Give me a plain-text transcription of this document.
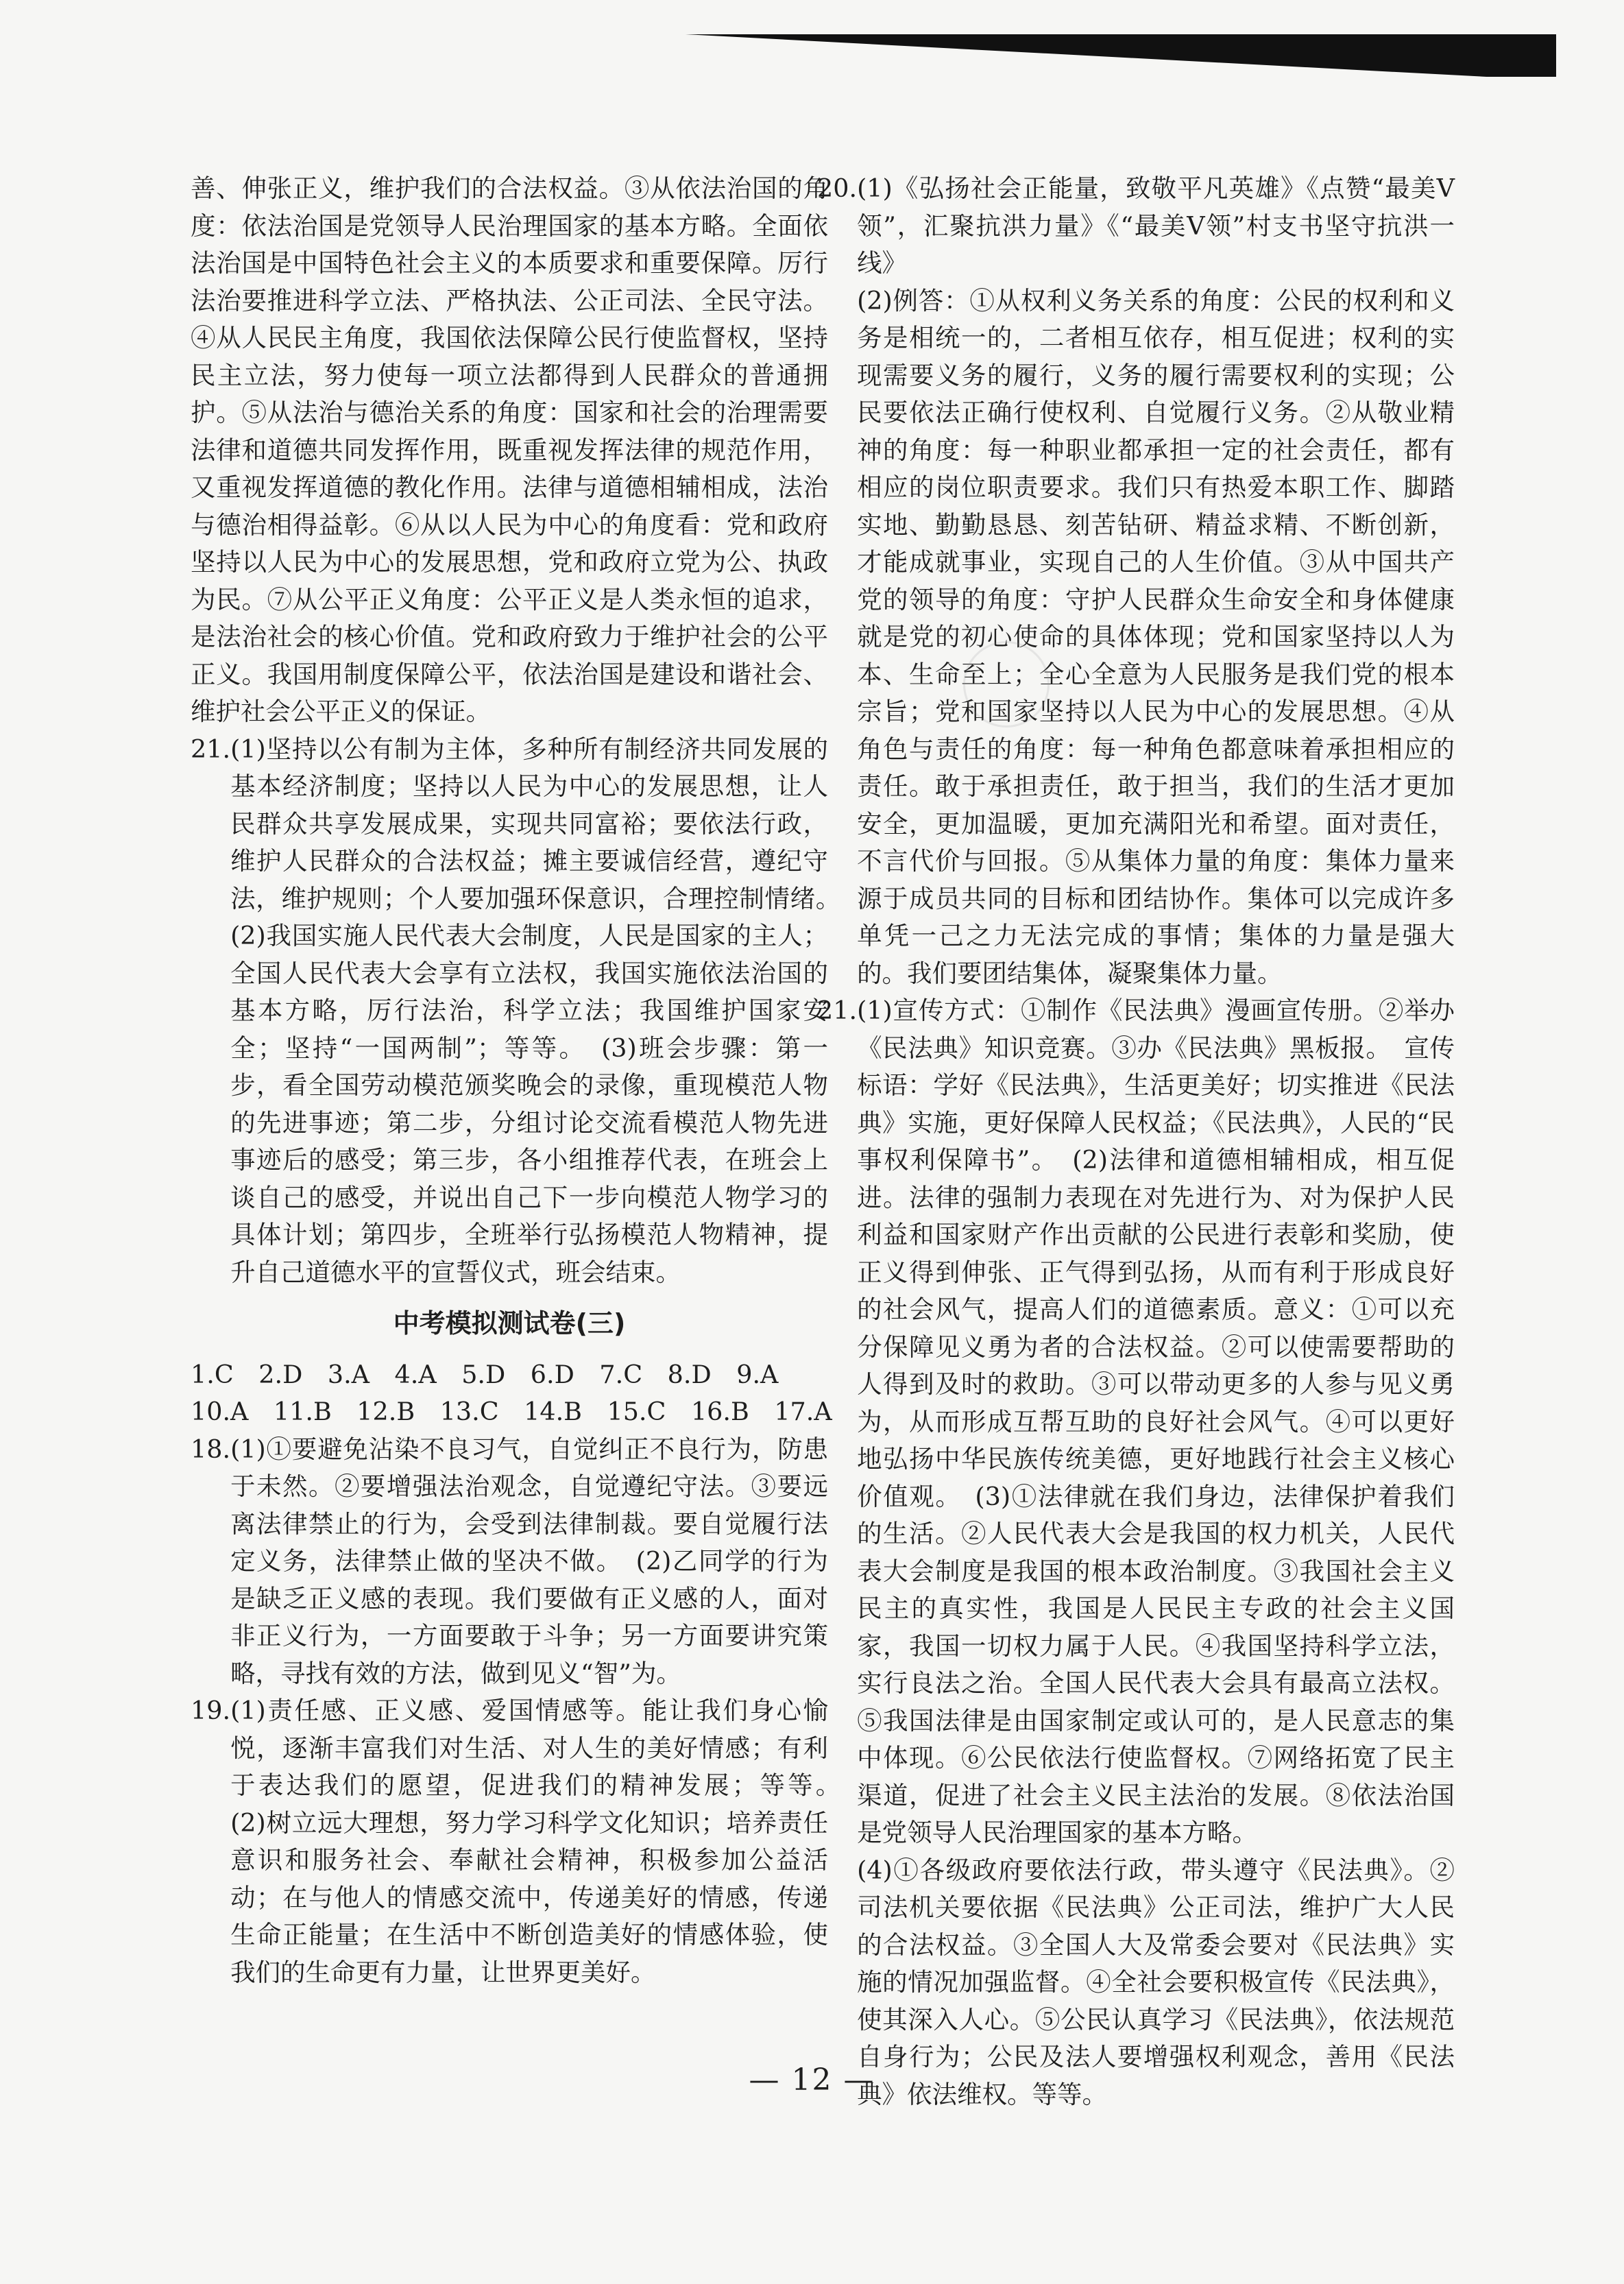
善、伸张正义，维护我们的合法权益。③从依法治国的角度：依法治国是党领导人民治理国家的基本方略。全面依法治国是中国特色社会主义的本质要求和重要保障。厉行法治要推进科学立法、严格执法、公正司法、全民守法。④从人民民主角度，我国依法保障公民行使监督权，坚持民主立法，努力使每一项立法都得到人民群众的普通拥护。⑤从法治与德治关系的角度：国家和社会的治理需要法律和道德共同发挥作用，既重视发挥法律的规范作用，又重视发挥道德的教化作用。法律与道德相辅相成，法治与德治相得益彰。⑥从以人民为中心的角度看：党和政府坚持以人民为中心的发展思想，党和政府立党为公、执政为民。⑦从公平正义角度：公平正义是人类永恒的追求，是法治社会的核心价值。党和政府致力于维护社会的公平正义。我国用制度保障公平，依法治国是建设和谐社会、维护社会公平正义的保证。

21. (1)坚持以公有制为主体，多种所有制经济共同发展的基本经济制度；坚持以人民为中心的发展思想，让人民群众共享发展成果，实现共同富裕；要依法行政，维护人民群众的合法权益；摊主要诚信经营，遵纪守法，维护规则；个人要加强环保意识，合理控制情绪。　(2)我国实施人民代表大会制度，人民是国家的主人；全国人民代表大会享有立法权，我国实施依法治国的基本方略，厉行法治，科学立法；我国维护国家安全；坚持“一国两制”；等等。　(3)班会步骤：第一步，看全国劳动模范颁奖晚会的录像，重现模范人物的先进事迹；第二步，分组讨论交流看模范人物先进事迹后的感受；第三步，各小组推荐代表，在班会上谈自己的感受，并说出自己下一步向模范人物学习的具体计划；第四步，全班举行弘扬模范人物精神，提升自己道德水平的宣誓仪式，班会结束。
中考模拟测试卷(三)
1.C　2.D　3.A　4.A　5.D　6.D　7.C　8.D　9.A
10.A　11.B　12.B　13.C　14.B　15.C　16.B　17.A
18. (1)①要避免沾染不良习气，自觉纠正不良行为，防患于未然。②要增强法治观念，自觉遵纪守法。③要远离法律禁止的行为，会受到法律制裁。要自觉履行法定义务，法律禁止做的坚决不做。　(2)乙同学的行为是缺乏正义感的表现。我们要做有正义感的人，面对非正义行为，一方面要敢于斗争；另一方面要讲究策略，寻找有效的方法，做到见义“智”为。
19. (1)责任感、正义感、爱国情感等。能让我们身心愉悦，逐渐丰富我们对生活、对人生的美好情感；有利于表达我们的愿望，促进我们的精神发展；等等。　(2)树立远大理想，努力学习科学文化知识；培养责任意识和服务社会、奉献社会精神，积极参加公益活动；在与他人的情感交流中，传递美好的情感，传递生命正能量；在生活中不断创造美好的情感体验，使我们的生命更有力量，让世界更美好。
20. (1)《弘扬社会正能量，致敬平凡英雄》《点赞“最美V领”，汇聚抗洪力量》《“最美V领”村支书坚守抗洪一线》
(2)例答：①从权利义务关系的角度：公民的权利和义务是相统一的，二者相互依存，相互促进；权利的实现需要义务的履行，义务的履行需要权利的实现；公民要依法正确行使权利、自觉履行义务。②从敬业精神的角度：每一种职业都承担一定的社会责任，都有相应的岗位职责要求。我们只有热爱本职工作、脚踏实地、勤勤恳恳、刻苦钻研、精益求精、不断创新，才能成就事业，实现自己的人生价值。③从中国共产党的领导的角度：守护人民群众生命安全和身体健康就是党的初心使命的具体体现；党和国家坚持以人为本、生命至上；全心全意为人民服务是我们党的根本宗旨；党和国家坚持以人民为中心的发展思想。④从角色与责任的角度：每一种角色都意味着承担相应的责任。敢于承担责任，敢于担当，我们的生活才更加安全，更加温暖，更加充满阳光和希望。面对责任，不言代价与回报。⑤从集体力量的角度：集体力量来源于成员共同的目标和团结协作。集体可以完成许多单凭一己之力无法完成的事情；集体的力量是强大的。我们要团结集体，凝聚集体力量。
21. (1)宣传方式：①制作《民法典》漫画宣传册。②举办《民法典》知识竞赛。③办《民法典》黑板报。　宣传标语：学好《民法典》，生活更美好；切实推进《民法典》实施，更好保障人民权益；《民法典》，人民的“民事权利保障书”。　(2)法律和道德相辅相成，相互促进。法律的强制力表现在对先进行为、对为保护人民利益和国家财产作出贡献的公民进行表彰和奖励，使正义得到伸张、正气得到弘扬，从而有利于形成良好的社会风气，提高人们的道德素质。意义：①可以充分保障见义勇为者的合法权益。②可以使需要帮助的人得到及时的救助。③可以带动更多的人参与见义勇为，从而形成互帮互助的良好社会风气。④可以更好地弘扬中华民族传统美德，更好地践行社会主义核心价值观。　(3)①法律就在我们身边，法律保护着我们的生活。②人民代表大会是我国的权力机关，人民代表大会制度是我国的根本政治制度。③我国社会主义民主的真实性，我国是人民民主专政的社会主义国家，我国一切权力属于人民。④我国坚持科学立法，实行良法之治。全国人民代表大会具有最高立法权。⑤我国法律是由国家制定或认可的，是人民意志的集中体现。⑥公民依法行使监督权。⑦网络拓宽了民主渠道，促进了社会主义民主法治的发展。⑧依法治国是党领导人民治理国家的基本方略。
(4)①各级政府要依法行政，带头遵守《民法典》。②司法机关要依据《民法典》公正司法，维护广大人民的合法权益。③全国人大及常委会要对《民法典》实施的情况加强监督。④全社会要积极宣传《民法典》，使其深入人心。⑤公民认真学习《民法典》，依法规范自身行为；公民及法人要增强权利观念，善用《民法典》依法维权。等等。
— 12 —
